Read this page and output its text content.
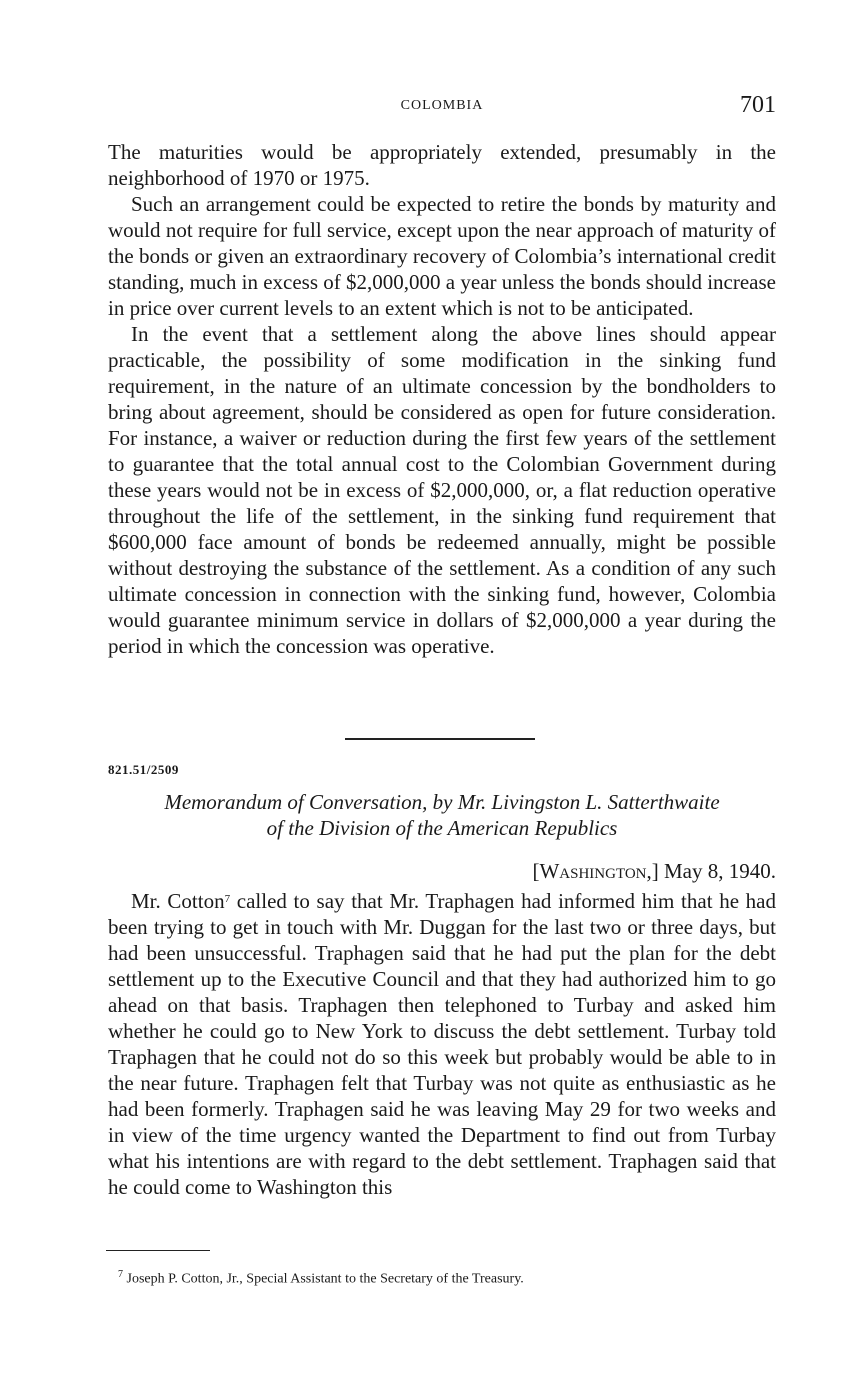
COLOMBIA	701

The maturities would be appropriately extended, presumably in the neighborhood of 1970 or 1975.

Such an arrangement could be expected to retire the bonds by maturity and would not require for full service, except upon the near approach of maturity of the bonds or given an extraordinary recovery of Colombia’s international credit standing, much in excess of $2,000,000 a year unless the bonds should increase in price over current levels to an extent which is not to be anticipated.

In the event that a settlement along the above lines should appear practicable, the possibility of some modification in the sinking fund requirement, in the nature of an ultimate concession by the bondholders to bring about agreement, should be considered as open for future consideration. For instance, a waiver or reduction during the first few years of the settlement to guarantee that the total annual cost to the Colombian Government during these years would not be in excess of $2,000,000, or, a flat reduction operative throughout the life of the settlement, in the sinking fund requirement that $600,000 face amount of bonds be redeemed annually, might be possible without destroying the substance of the settlement. As a condition of any such ultimate concession in connection with the sinking fund, however, Colombia would guarantee minimum service in dollars of $2,000,000 a year during the period in which the concession was operative.

821.51/2509
Memorandum of Conversation, by Mr. Livingston L. Satterthwaite
of the Division of the American Republics
[Washington,] May 8, 1940.

Mr. Cotton$^7$ called to say that Mr. Traphagen had informed him that he had been trying to get in touch with Mr. Duggan for the last two or three days, but had been unsuccessful. Traphagen said that he had put the plan for the debt settlement up to the Executive Council and that they had authorized him to go ahead on that basis. Traphagen then telephoned to Turbay and asked him whether he could go to New York to discuss the debt settlement. Turbay told Traphagen that he could not do so this week but probably would be able to in the near future. Traphagen felt that Turbay was not quite as enthusiastic as he had been formerly. Traphagen said he was leaving May 29 for two weeks and in view of the time urgency wanted the Department to find out from Turbay what his intentions are with regard to the debt settlement. Traphagen said that he could come to Washington this

$^7$ Joseph P. Cotton, Jr., Special Assistant to the Secretary of the Treasury.
